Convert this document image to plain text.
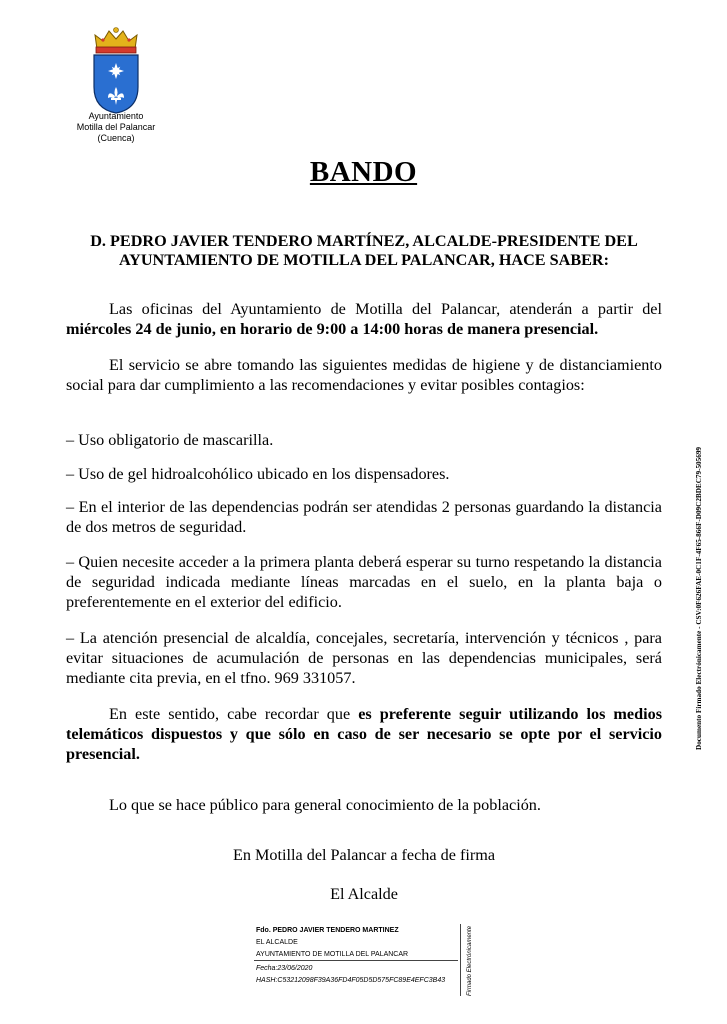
Ayuntamiento
Motilla del Palancar
(Cuenca)
BANDO
D. PEDRO JAVIER TENDERO MARTÍNEZ, ALCALDE-PRESIDENTE DEL
AYUNTAMIENTO DE MOTILLA DEL PALANCAR, HACE SABER:
Las oficinas del Ayuntamiento de Motilla del Palancar, atenderán a partir del miércoles 24 de junio, en horario de 9:00 a 14:00 horas de manera presencial.
El servicio se abre tomando las siguientes medidas de higiene y de distanciamiento social para dar cumplimiento a las recomendaciones y evitar posibles contagios:
– Uso obligatorio de mascarilla.
– Uso de gel hidroalcohólico ubicado en los dispensadores.
– En el interior de las dependencias podrán ser atendidas 2 personas guardando la distancia de dos metros de seguridad.
– Quien necesite acceder a la primera planta deberá esperar su turno respetando la distancia de seguridad indicada mediante líneas marcadas en el suelo, en la planta baja o preferentemente en el exterior del edificio.
– La atención presencial de alcaldía, concejales, secretaría, intervención y técnicos , para evitar situaciones de acumulación de personas en las dependencias municipales, será mediante cita previa, en el tfno. 969 331057.
En este sentido, cabe recordar que es preferente seguir utilizando los medios telemáticos dispuestos y que sólo en caso de ser necesario se opte por el servicio presencial.
Lo que se hace público para general conocimiento de la población.
En Motilla del Palancar a fecha de firma
El Alcalde
Documento Firmado Electrónicamente - CSV:0F626FAE-0C1F-4F65-866F-D09C2BDEC79-505699
Fdo. PEDRO JAVIER TENDERO MARTINEZ
EL ALCALDE
AYUNTAMIENTO DE MOTILLA DEL PALANCAR
Fecha:23/06/2020
HASH:C53212098F39A36FD4F05D5D575FC89E4EFC3B43	Firmado Electrónicamente
